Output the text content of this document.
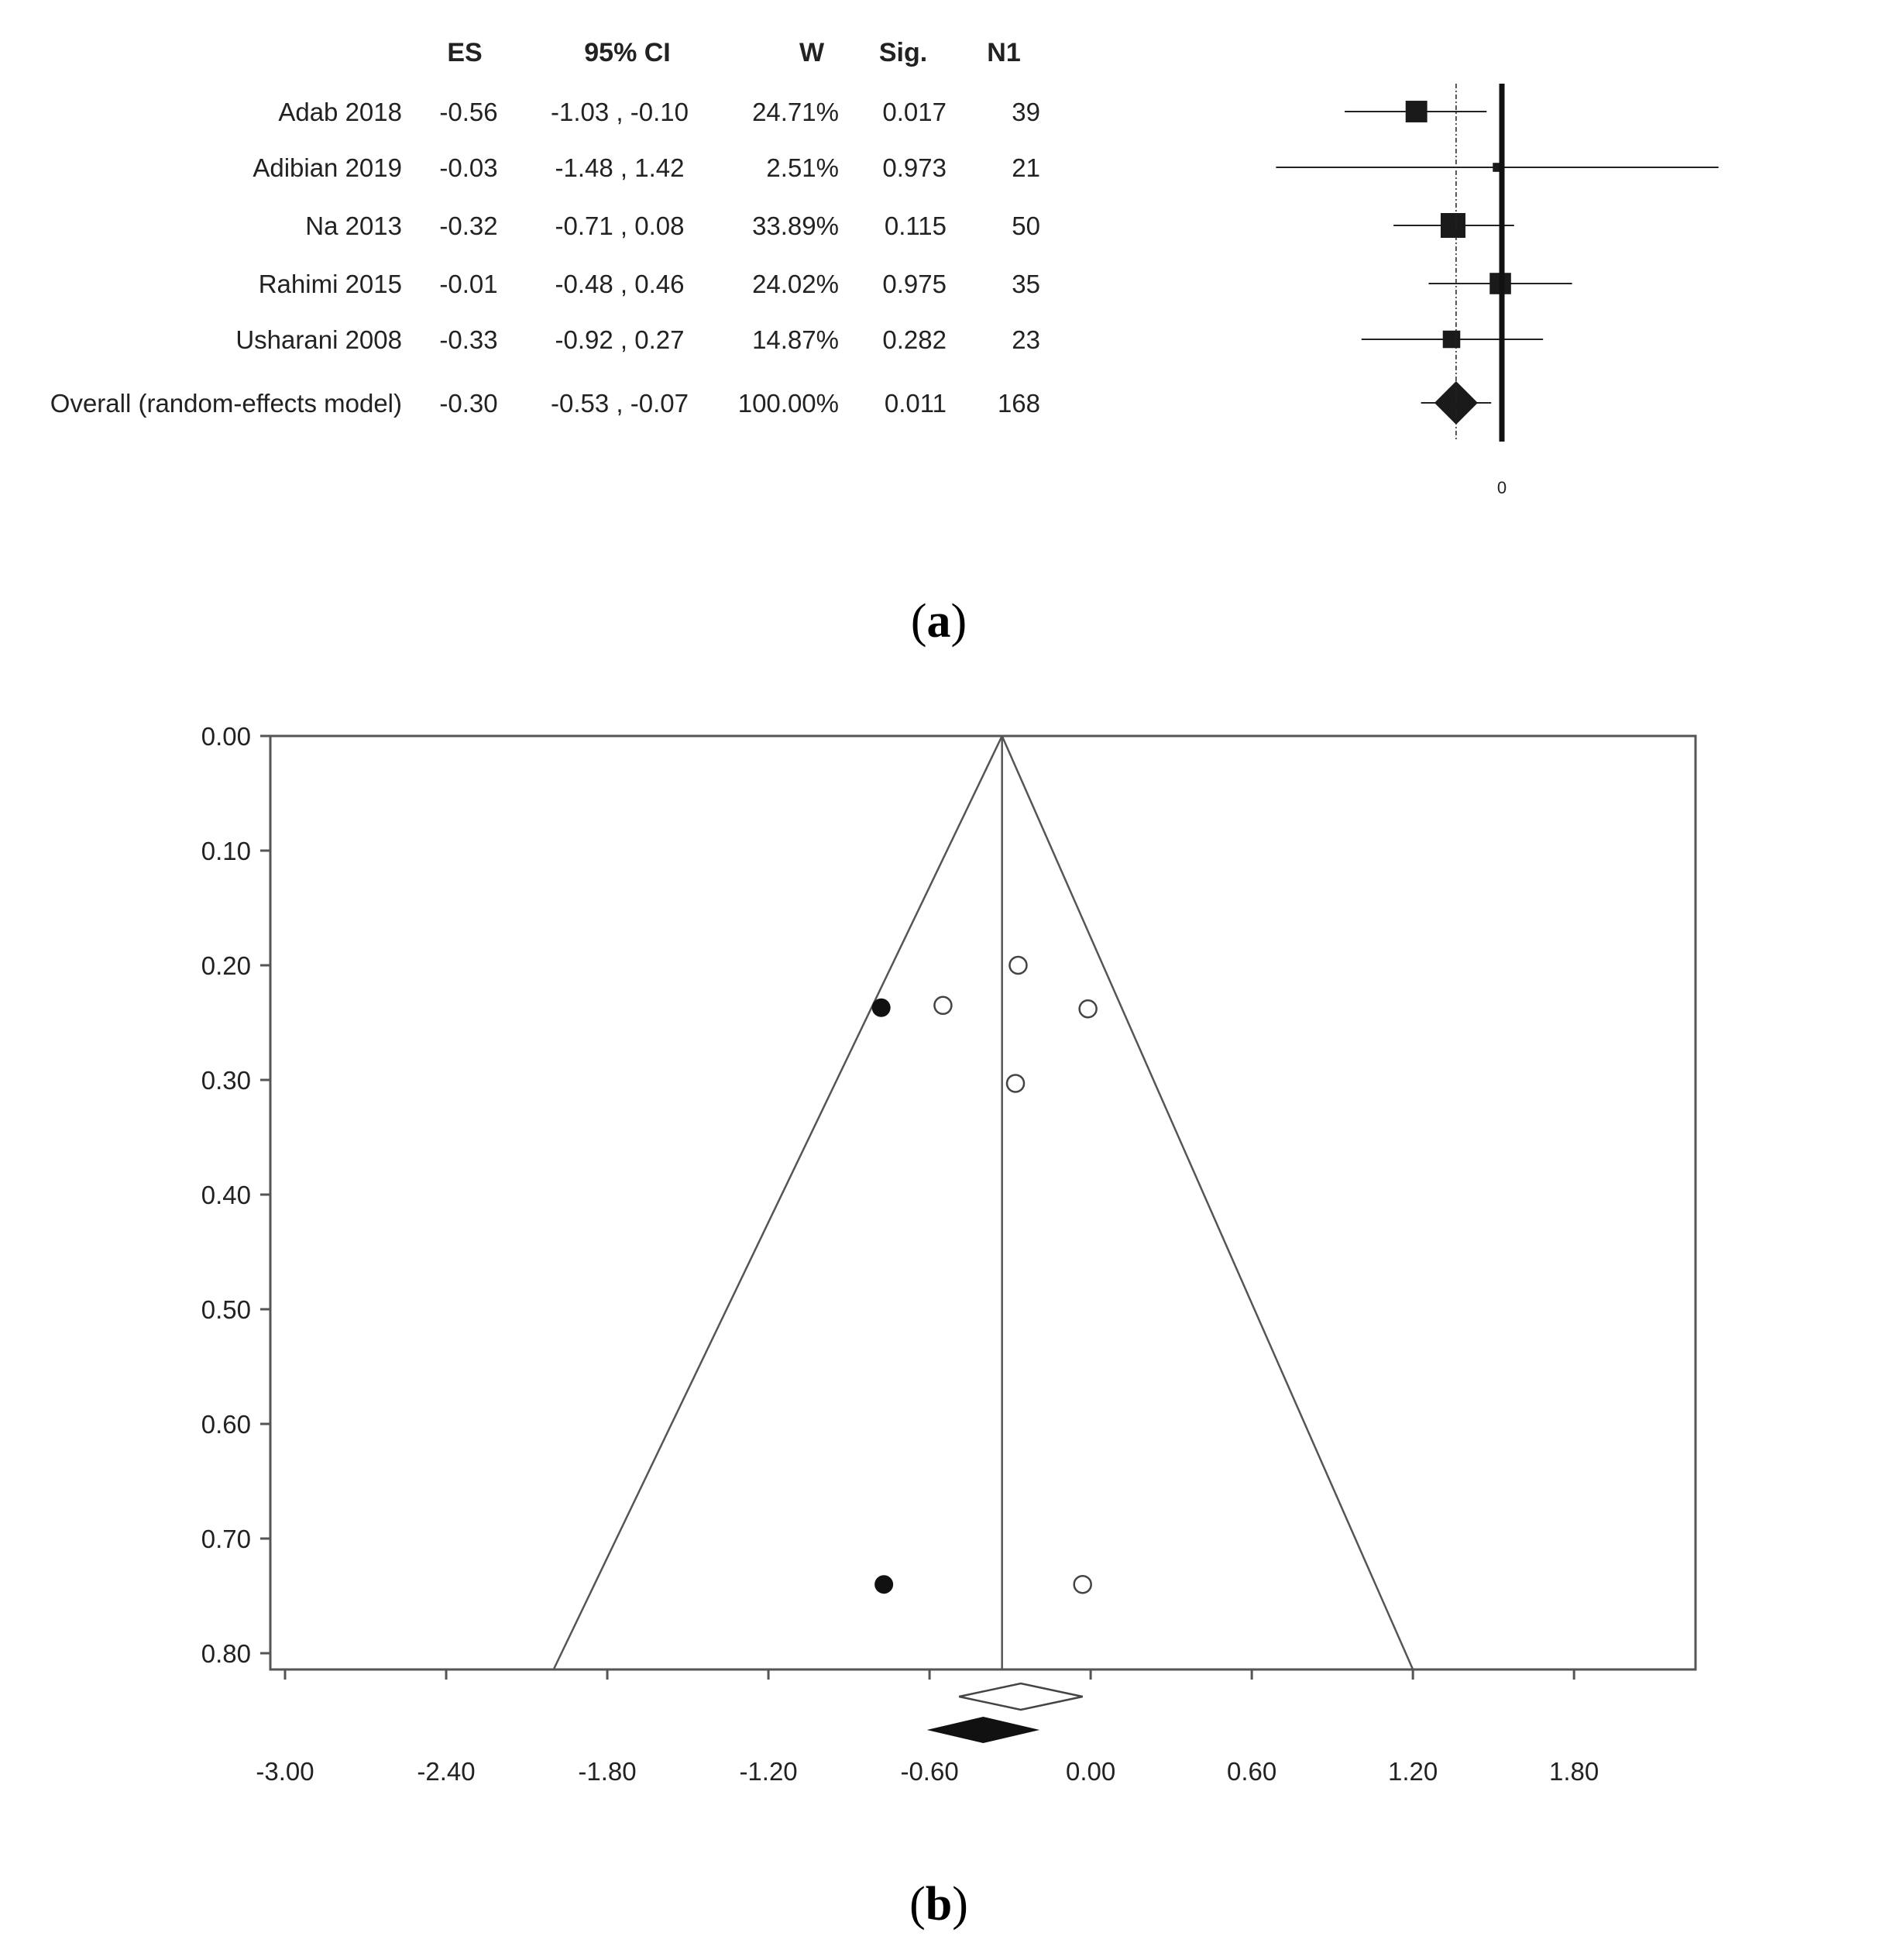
ES	95% CI	W Sig. N1
Adab 2018 -0.56 -1.03 , -0.10 24.71% 0.017	39
Adibian 2019 -0.03 -1.48 , 1.42	2.51% 0.973	21
Na 2013 -0.32 -0.71 , 0.08	33.89% 0.115	50
Rahimi 2015 -0.01 -0.48 , 0.46	24.02% 0.975	35
Usharani 2008 -0.33 -0.92 , 0.27	14.87% 0.282	23
Overall (random-effects model) -0.30 -0.53 , -0.07 100.00% 0.011 168
0
(a)
0.00
0.10
0.20
0.30
0.40
0.50
0.60
0.70
0.80
-3.00	-2.40	-1.80	-1.20	-0.60	0.00	0.60	1.20	1.80
(b)
